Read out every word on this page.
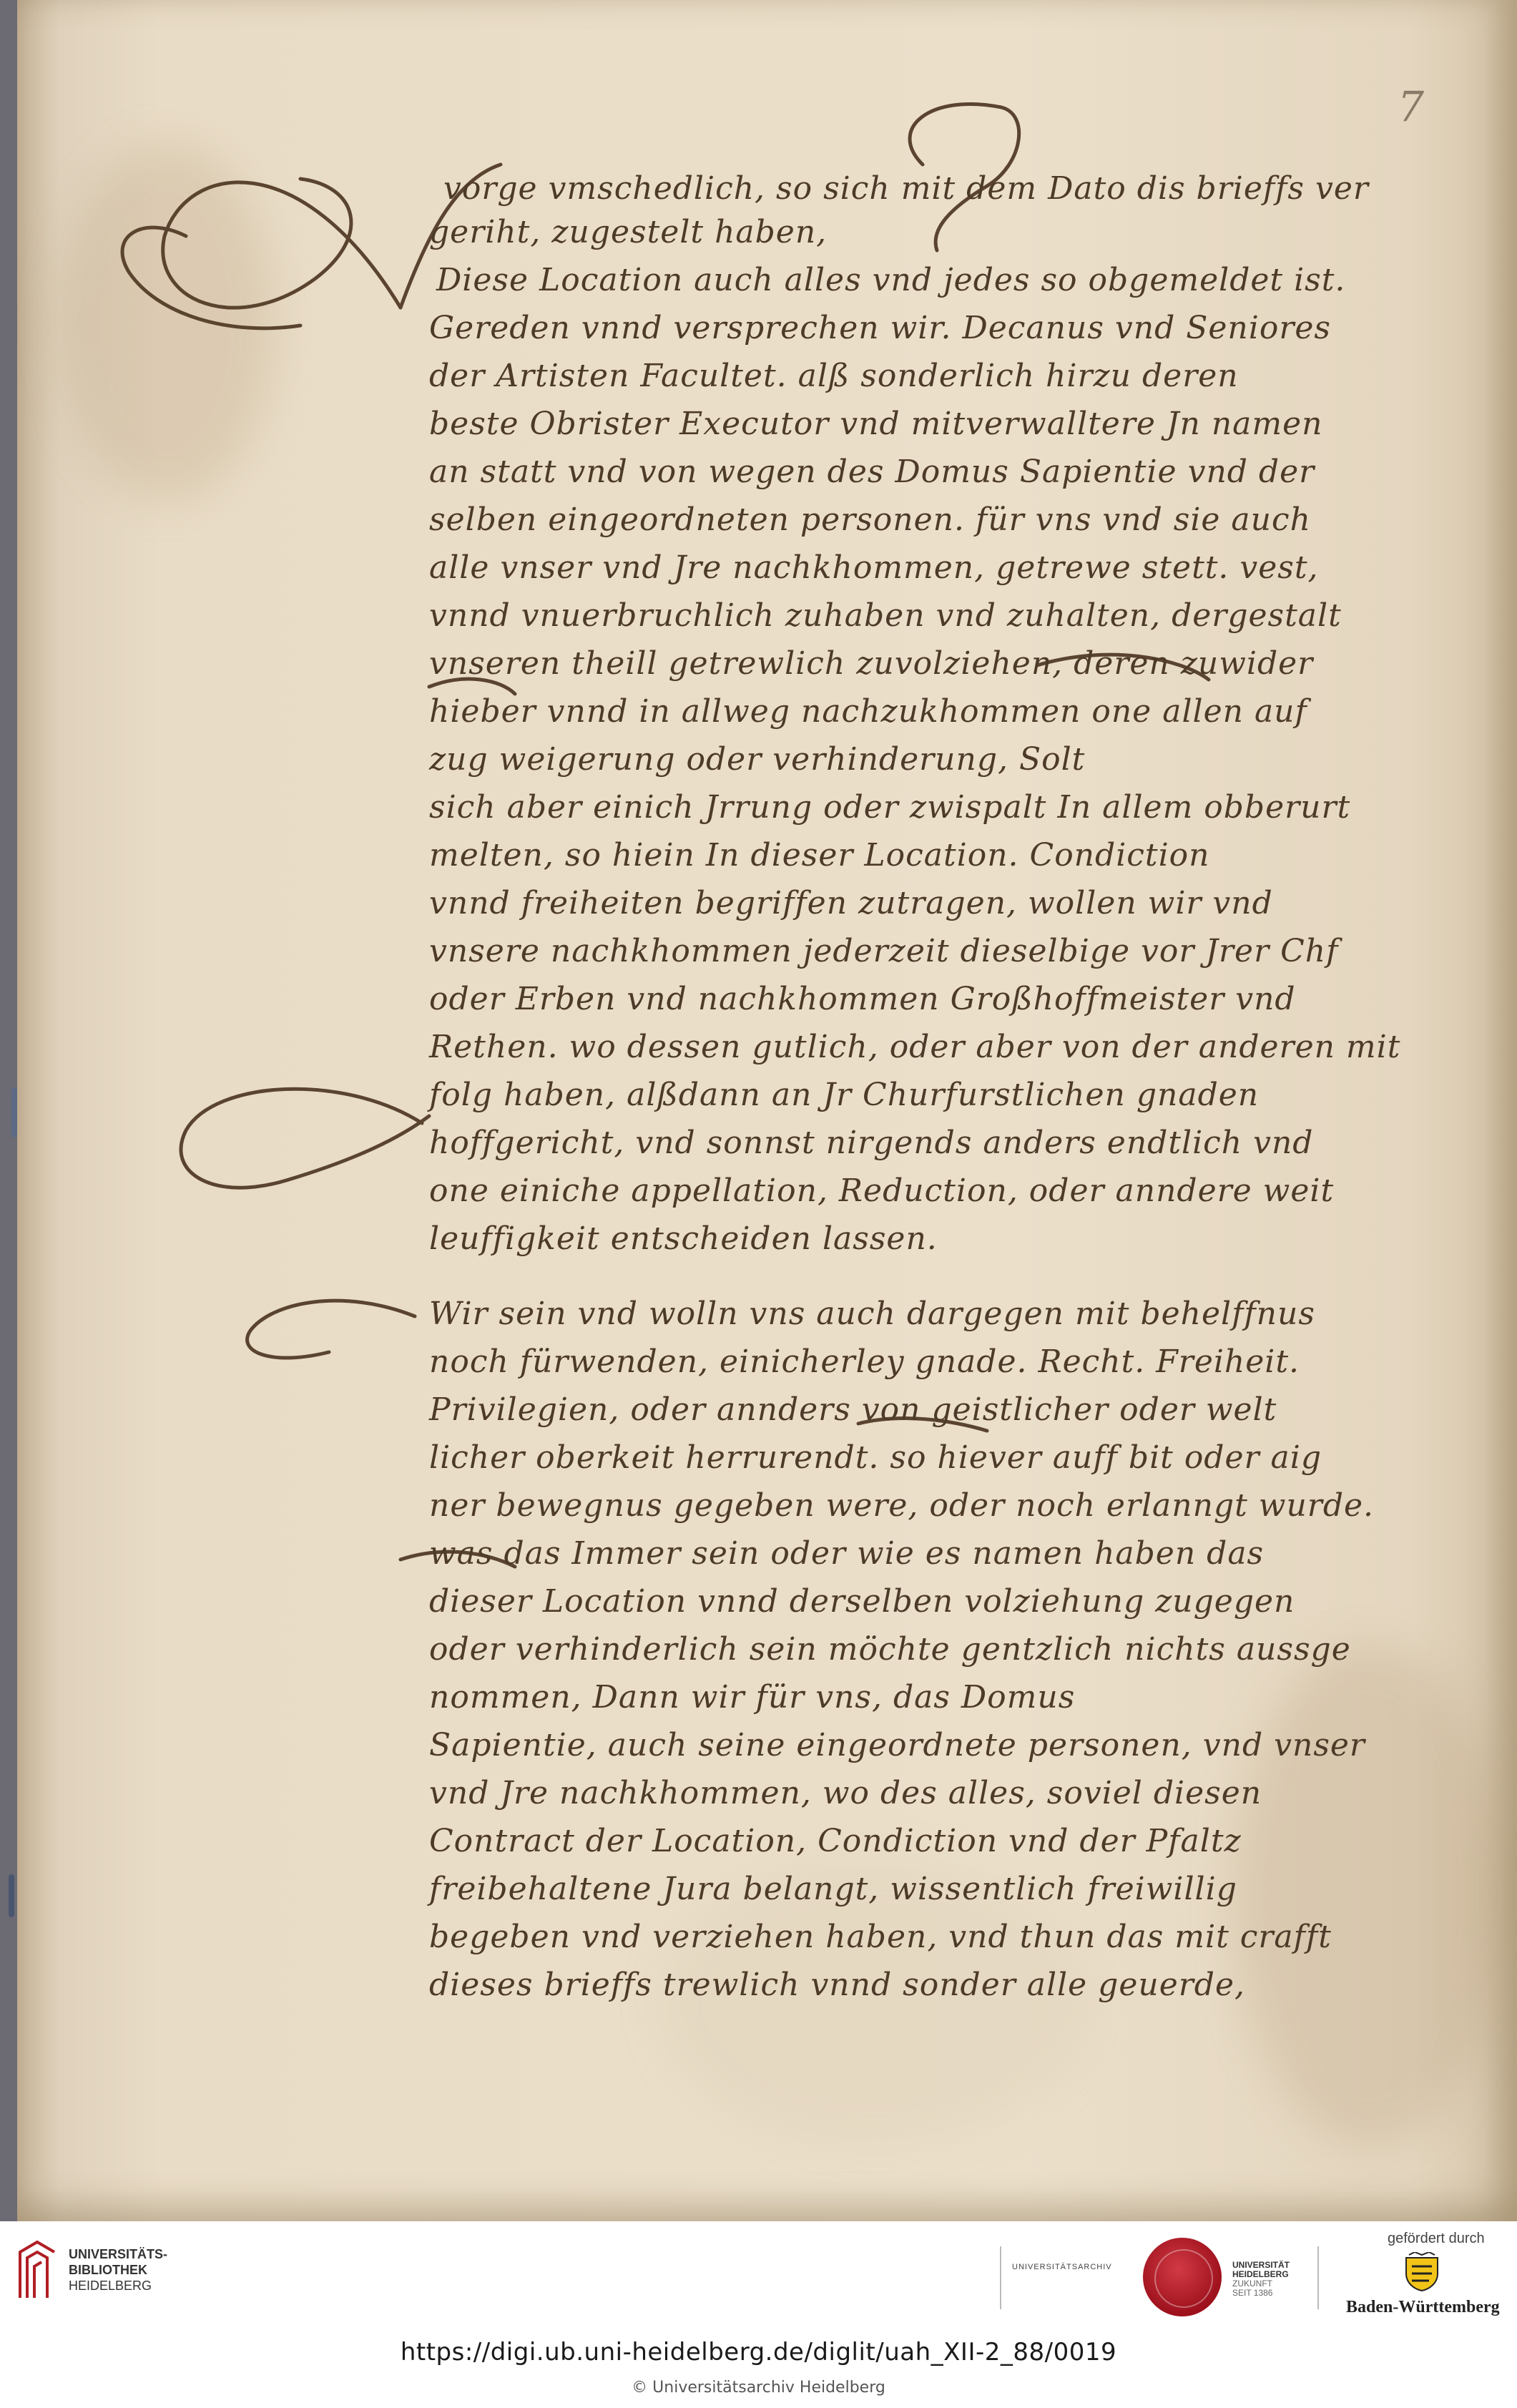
7
vorge vmschedlich, so sich mit dem Dato dis brieffs ver
geriht, zugestelt haben,
Diese Location auch alles vnd jedes so obgemeldet ist.
Gereden vnnd versprechen wir. Decanus vnd Seniores
der Artisten Facultet. alß sonderlich hirzu deren
beste Obrister Executor vnd mitverwalltere Jn namen
an statt vnd von wegen des Domus Sapientie vnd der
selben eingeordneten personen. für vns vnd sie auch
alle vnser vnd Jre nachkhommen, getrewe stett. vest,
vnnd vnuerbruchlich zuhaben vnd zuhalten, dergestalt
vnseren theill getrewlich zuvolziehen, deren zuwider
hieber vnnd in allweg nachzukhommen one allen auf
zug weigerung oder verhinderung, Solt
sich aber einich Jrrung oder zwispalt In allem obberurt
melten, so hiein In dieser Location. Condiction
vnnd freiheiten begriffen zutragen, wollen wir vnd
vnsere nachkhommen jederzeit dieselbige vor Jrer Chf
oder Erben vnd nachkhommen Großhoffmeister vnd
Rethen. wo dessen gutlich, oder aber von der anderen mit
folg haben, alßdann an Jr Churfurstlichen gnaden
hoffgericht, vnd sonnst nirgends anders endtlich vnd
one einiche appellation, Reduction, oder anndere weit
leuffigkeit entscheiden lassen.
Wir sein vnd wolln vns auch dargegen mit behelffnus
noch fürwenden, einicherley gnade. Recht. Freiheit.
Privilegien, oder annders von geistlicher oder welt
licher oberkeit herrurendt. so hiever auff bit oder aig
ner bewegnus gegeben were, oder noch erlanngt wurde.
was das Immer sein oder wie es namen haben das
dieser Location vnnd derselben volziehung zugegen
oder verhinderlich sein möchte gentzlich nichts aussge
nommen, Dann wir für vns, das Domus
Sapientie, auch seine eingeordnete personen, vnd vnser
vnd Jre nachkhommen, wo des alles, soviel diesen
Contract der Location, Condiction vnd der Pfaltz
freibehaltene Jura belangt, wissentlich freiwillig
begeben vnd verziehen haben, vnd thun das mit crafft
dieses brieffs trewlich vnnd sonder alle geuerde,
UNIVERSITÄTS-
BIBLIOTHEK
HEIDELBERG
UNIVERSITÄTSARCHIV	UNIVERSITÄT
HEIDELBERG
ZUKUNFT
SEIT 1386
gefördert durch
Baden-Württemberg
https://digi.ub.uni-heidelberg.de/diglit/uah_XII-2_88/0019
© Universitätsarchiv Heidelberg
